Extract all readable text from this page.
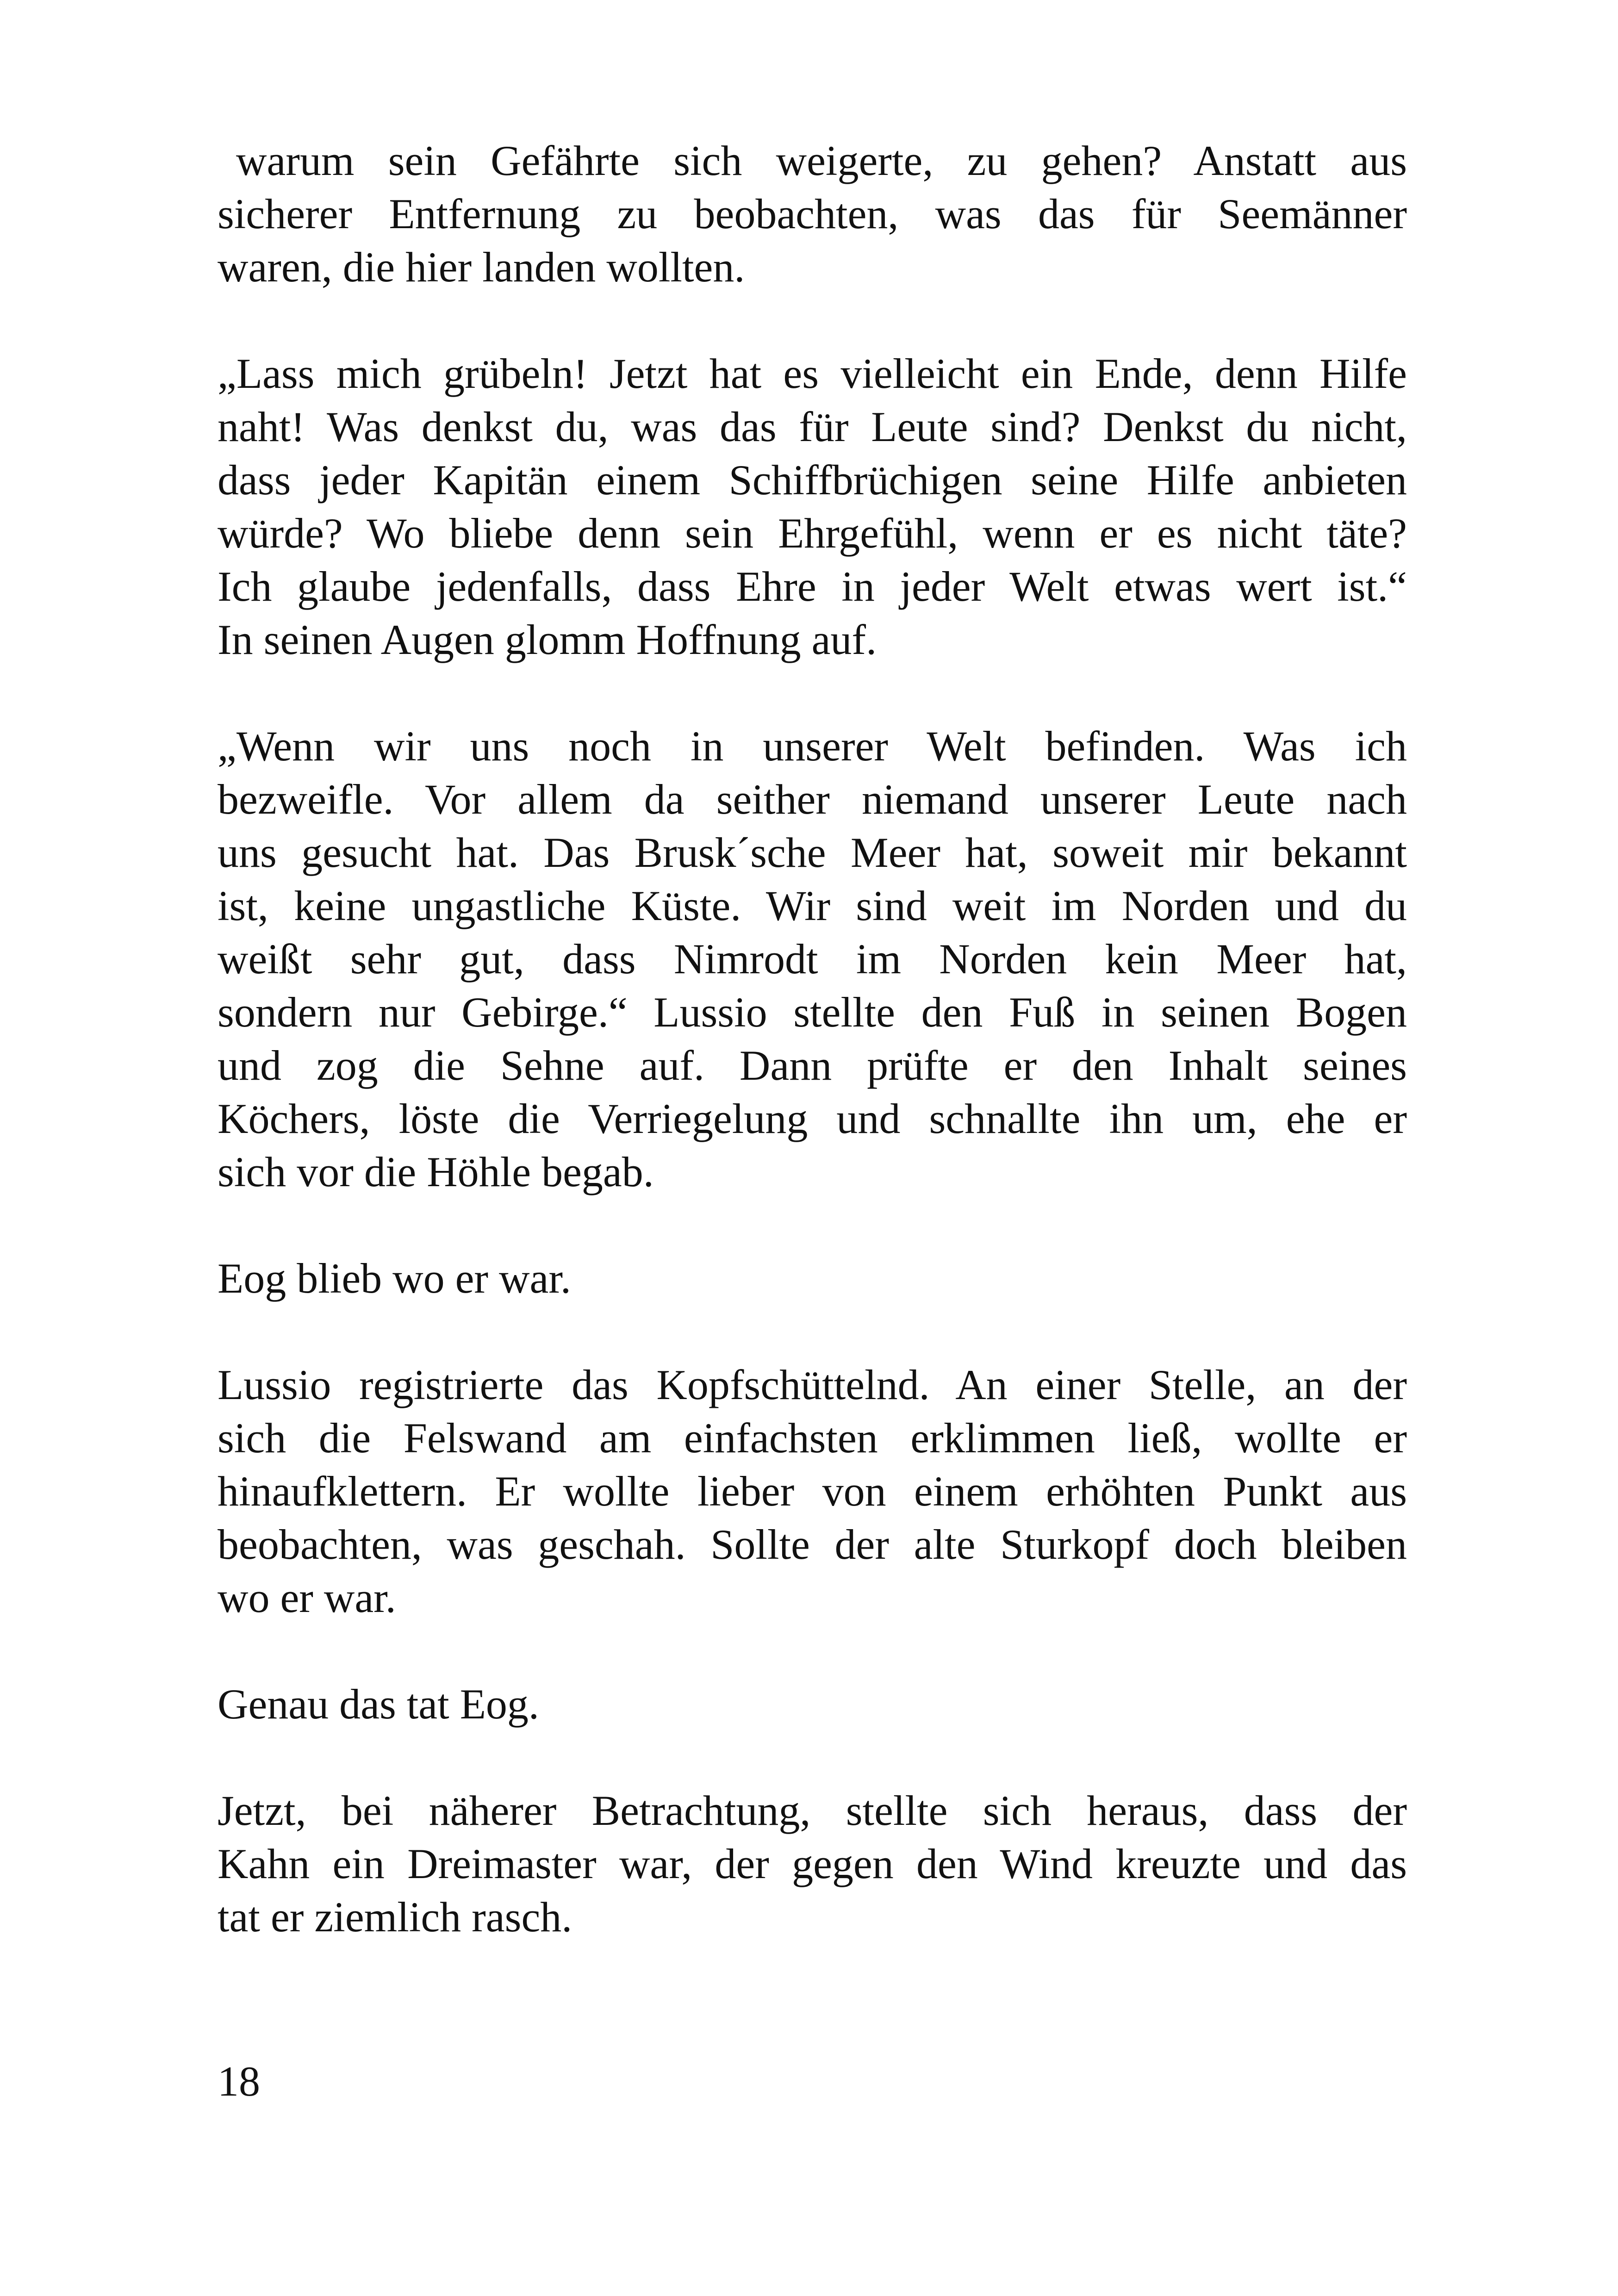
warum sein Gefährte sich weigerte, zu gehen? Anstatt aus
sicherer Entfernung zu beobachten, was das für Seemänner
waren, die hier landen wollten.

„Lass mich grübeln! Jetzt hat es vielleicht ein Ende, denn Hilfe
naht! Was denkst du, was das für Leute sind? Denkst du nicht,
dass jeder Kapitän einem Schiffbrüchigen seine Hilfe anbieten
würde? Wo bliebe denn sein Ehrgefühl, wenn er es nicht täte?
Ich glaube jedenfalls, dass Ehre in jeder Welt etwas wert ist.“
In seinen Augen glomm Hoffnung auf.

„Wenn wir uns noch in unserer Welt befinden. Was ich
bezweifle. Vor allem da seither niemand unserer Leute nach
uns gesucht hat. Das Brusk´sche Meer hat, soweit mir bekannt
ist, keine ungastliche Küste. Wir sind weit im Norden und du
weißt sehr gut, dass Nimrodt im Norden kein Meer hat,
sondern nur Gebirge.“ Lussio stellte den Fuß in seinen Bogen
und zog die Sehne auf. Dann prüfte er den Inhalt seines
Köchers, löste die Verriegelung und schnallte ihn um, ehe er
sich vor die Höhle begab.

Eog blieb wo er war.

Lussio registrierte das Kopfschüttelnd. An einer Stelle, an der
sich die Felswand am einfachsten erklimmen ließ, wollte er
hinaufklettern. Er wollte lieber von einem erhöhten Punkt aus
beobachten, was geschah. Sollte der alte Sturkopf doch bleiben
wo er war.

Genau das tat Eog.

Jetzt, bei näherer Betrachtung, stellte sich heraus, dass der
Kahn ein Dreimaster war, der gegen den Wind kreuzte und das
tat er ziemlich rasch.

18
